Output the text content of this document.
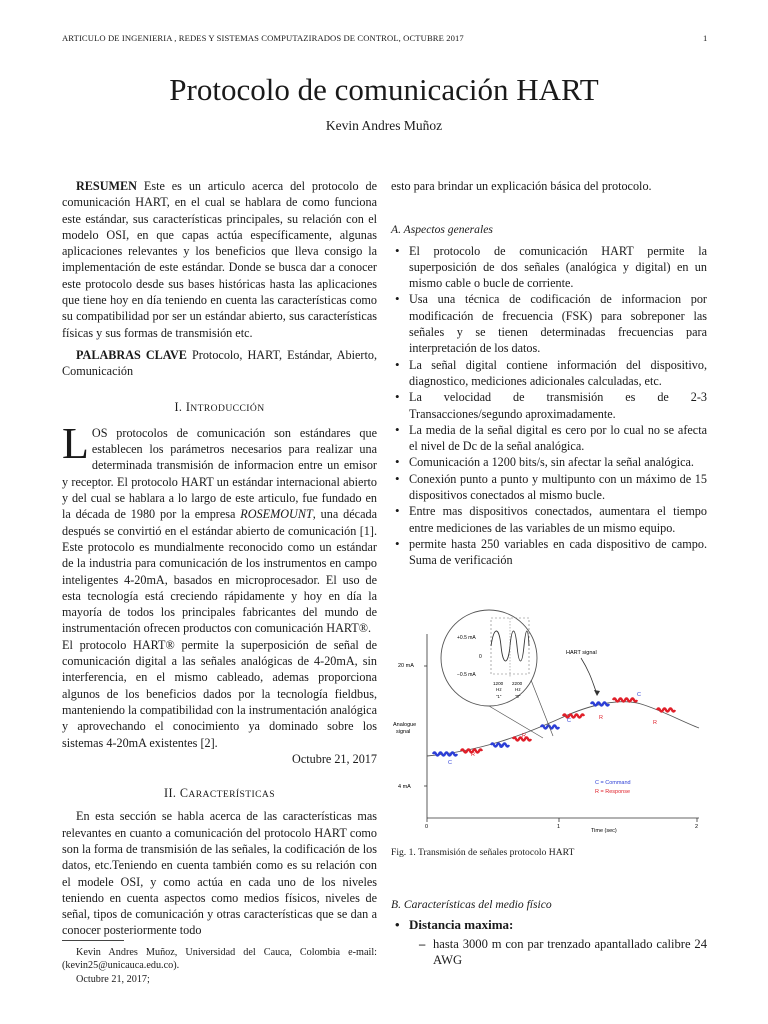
ARTICULO DE INGENIERIA , REDES Y SISTEMAS COMPUTAZIRADOS DE CONTROL, OCTUBRE 2017	1
Protocolo de comunicación HART
Kevin Andres Muñoz

RESUMEN Este es un articulo acerca del protocolo de comunicación HART, en el cual se hablara de como funciona este estándar, sus características principales, su relación con el modelo OSI, en que capas actúa específicamente, algunas aplicaciones relevantes y los beneficios que lleva consigo la implementación de este estándar. Donde se busca dar a conocer este protocolo desde sus bases históricas hasta las aplicaciones que tiene hoy en día teniendo en cuenta las características como su compatibilidad por ser un estándar abierto, sus características físicas y sus formas de transmisión etc.

PALABRAS CLAVE Protocolo, HART, Estándar, Abierto, Comunicación

I. INTRODUCCIÓN

LOS protocolos de comunicación son estándares que establecen los parámetros necesarios para realizar una determinada transmisión de informacion entre un emisor y receptor. El protocolo HART un estándar internacional abierto y del cual se hablara a lo largo de este articulo, fue fundado en la década de 1980 por la empresa ROSEMOUNT, una década después se convirtió en el estándar abierto de comunicación [1]. Este protocolo es mundialmente reconocido como un estándar de la industria para comunicación de los instrumentos en campo inteligentes 4-20mA, basados en microprocesador. El uso de esta tecnología está creciendo rápidamente y hoy en día la mayoría de todos los principales fabricantes del mundo de instrumentación ofrecen productos con comunicación HART®.

El protocolo HART® permite la superposición de señal de comunicación digital a las señales analógicas de 4-20mA, sin interferencia, en el mismo cableado, ademas proporciona algunos de los beneficios dados por la tecnología fieldbus, manteniendo la compatibilidad con la instrumentación analógica y aprovechando el conocimiento ya dominado sobre los sistemas 4-20mA existentes [2].

Octubre 21, 2017

II. CARACTERÍSTICAS

En esta sección se habla acerca de las características mas relevantes en cuanto a comunicación del protocolo HART como son la forma de transmisión de las señales, la codificación de los datos, etc.Teniendo en cuenta también como es su relación con el modele OSI, y como actúa en cada uno de los niveles teniendo en cuenta aspectos como medios físicos, niveles de señal, tipos de comunicación y otras características que se dan a conocer posteriormente todo

Kevin Andres Muñoz, Universidad del Cauca, Colombia e-mail: (kevin25@unicauca.edu.co).
Octubre 21, 2017;

esto para brindar un explicación básica del protocolo.

A. Aspectos generales
• El protocolo de comunicación HART permite la superposición de dos señales (analógica y digital) en un mismo cable o bucle de corriente.
• Usa una técnica de codificación de informacion por modificación de frecuencia (FSK) para sobreponer las señales y se tienen determinadas frecuencias para interpretación de los datos.
• La señal digital contiene información del dispositivo, diagnostico, mediciones adicionales calculadas, etc.
• La velocidad de transmisión es de 2-3 Transacciones/segundo aproximadamente.
• La media de la señal digital es cero por lo cual no se afecta el nivel de Dc de la señal analógica.
• Comunicación a 1200 bits/s, sin afectar la señal analógica.
• Conexión punto a punto y multipunto con un máximo de 15 dispositivos conectados al mismo bucle.
• Entre mas dispositivos conectados, aumentara el tiempo entre mediciones de las variables de un mismo equipo.
• permite hasta 250 variables en cada dispositivo de campo. Suma de verificación
20 mA
4 mA
Analogue
signal
0	1	2
Time (sec)
C
R
C
R
C	R
C
R
C = Command
R = Response
+0.5 mA
0
−0.5 mA
1200
Hz
"1"
2200
Hz
"0"
HART signal
Fig. 1. Transmisión de señales protocolo HART
B. Características del medio físico
• Distancia maxima:
– hasta 3000 m con par trenzado apantallado calibre 24 AWG
